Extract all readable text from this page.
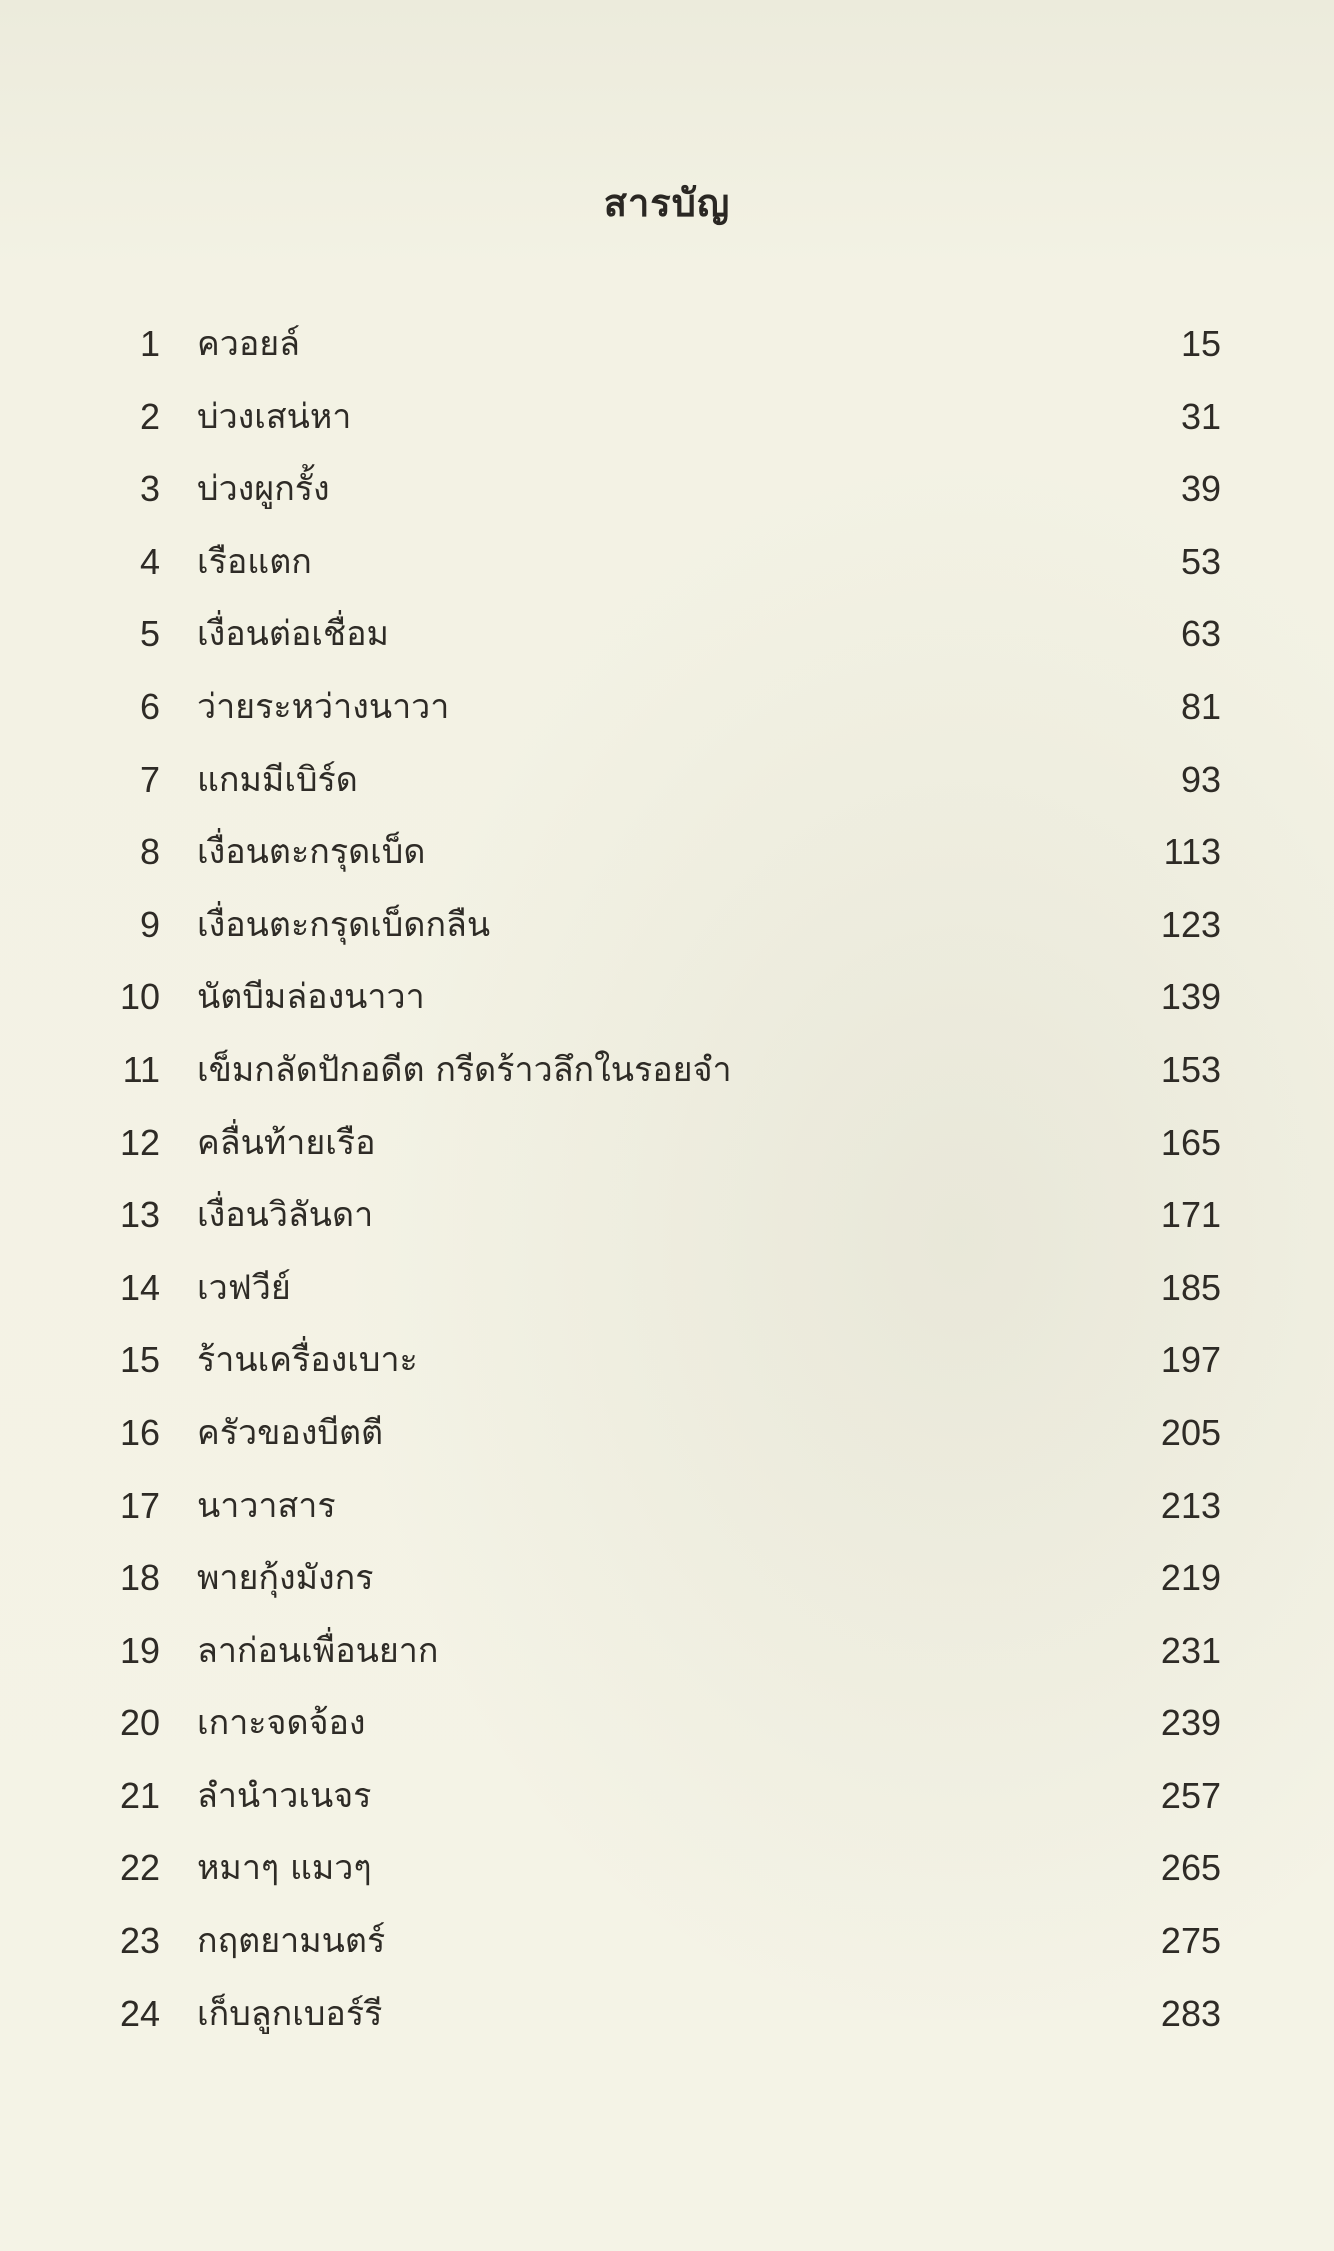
สารบัญ
1 ควอยล์	15
2 บ่วงเสน่หา	31
3 บ่วงผูกรั้ง	39
4 เรือแตก	53
5 เงื่อนต่อเชื่อม	63
6 ว่ายระหว่างนาวา	81
7 แกมมีเบิร์ด	93
8 เงื่อนตะกรุดเบ็ด	113
9 เงื่อนตะกรุดเบ็ดกลืน	123
10 นัตบีมล่องนาวา	139
11 เข็มกลัดปักอดีต กรีดร้าวลึกในรอยจำ	153
12 คลื่นท้ายเรือ	165
13 เงื่อนวิลันดา	171
14 เวฟวีย์	185
15 ร้านเครื่องเบาะ	197
16 ครัวของบีตตี	205
17 นาวาสาร	213
18 พายกุ้งมังกร	219
19 ลาก่อนเพื่อนยาก	231
20 เกาะจดจ้อง	239
21 ลำนำวเนจร	257
22 หมาๆ แมวๆ	265
23 กฤตยามนตร์	275
24 เก็บลูกเบอร์รี	283
